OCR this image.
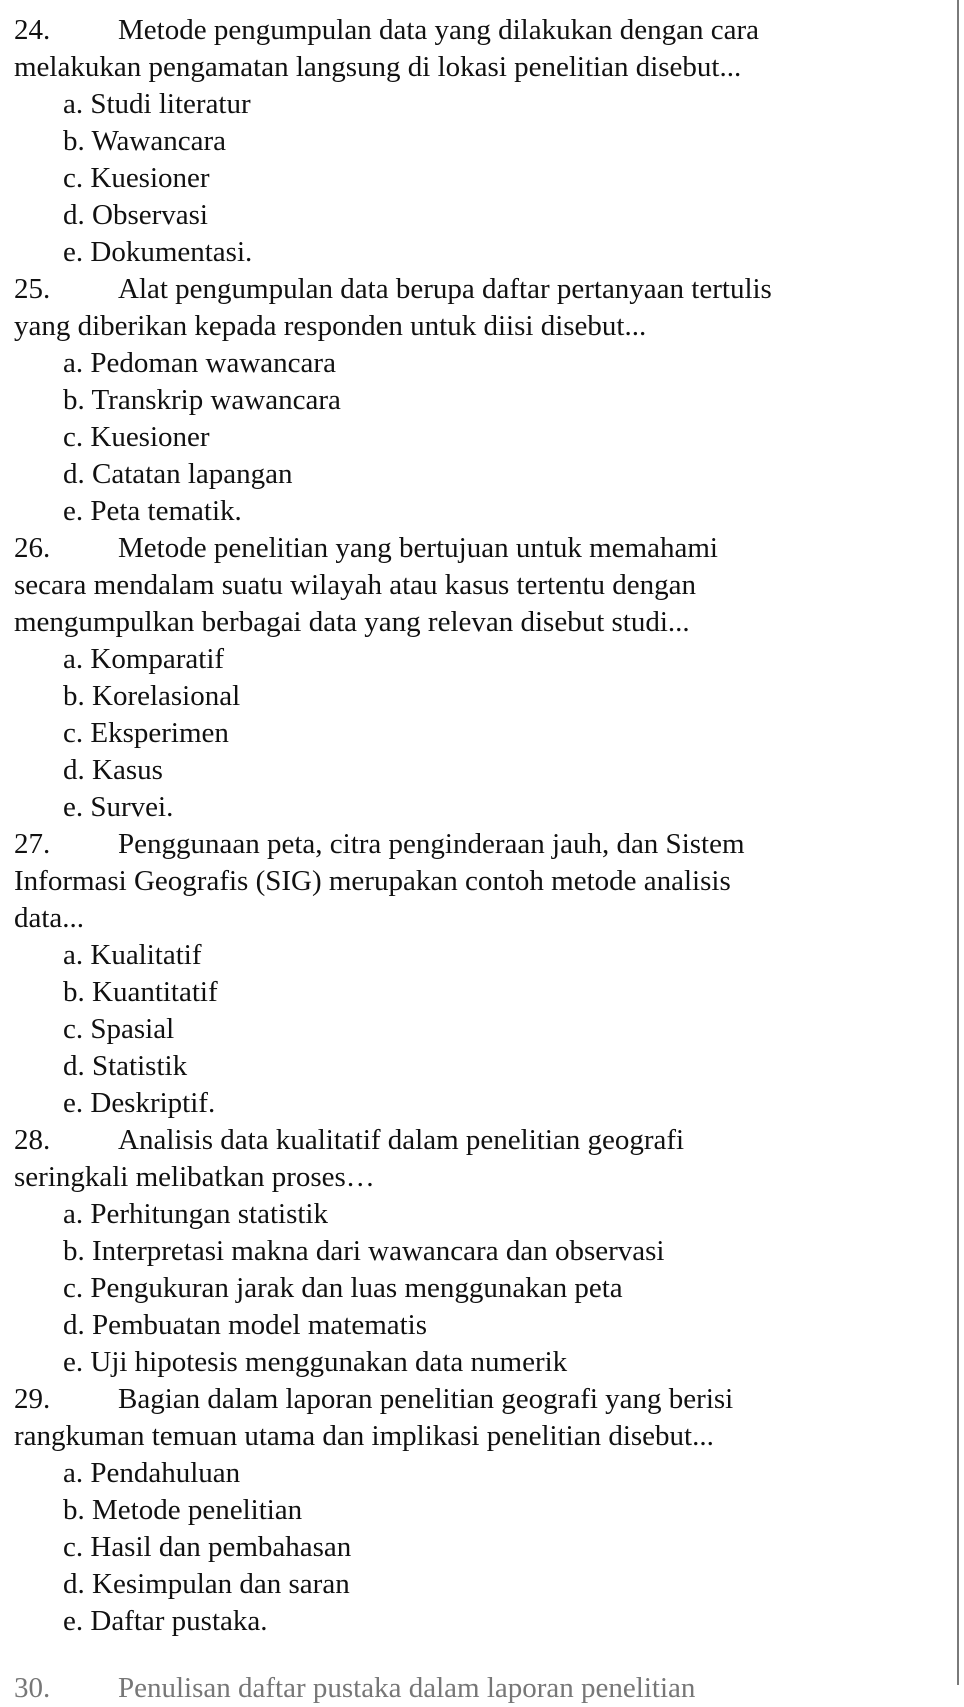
24. Metode pengumpulan data yang dilakukan dengan cara
melakukan pengamatan langsung di lokasi penelitian disebut...
a. Studi literatur
b. Wawancara
c. Kuesioner
d. Observasi
e. Dokumentasi.
25. Alat pengumpulan data berupa daftar pertanyaan tertulis
yang diberikan kepada responden untuk diisi disebut...
a. Pedoman wawancara
b. Transkrip wawancara
c. Kuesioner
d. Catatan lapangan
e. Peta tematik.
26. Metode penelitian yang bertujuan untuk memahami
secara mendalam suatu wilayah atau kasus tertentu dengan
mengumpulkan berbagai data yang relevan disebut studi...
a. Komparatif
b. Korelasional
c. Eksperimen
d. Kasus
e. Survei.
27. Penggunaan peta, citra penginderaan jauh, dan Sistem
Informasi Geografis (SIG) merupakan contoh metode analisis
data...
a. Kualitatif
b. Kuantitatif
c. Spasial
d. Statistik
e. Deskriptif.
28. Analisis data kualitatif dalam penelitian geografi
seringkali melibatkan proses…
a. Perhitungan statistik
b. Interpretasi makna dari wawancara dan observasi
c. Pengukuran jarak dan luas menggunakan peta
d. Pembuatan model matematis
e. Uji hipotesis menggunakan data numerik
29. Bagian dalam laporan penelitian geografi yang berisi
rangkuman temuan utama dan implikasi penelitian disebut...
a. Pendahuluan
b. Metode penelitian
c. Hasil dan pembahasan
d. Kesimpulan dan saran
e. Daftar pustaka.
30. Penulisan daftar pustaka dalam laporan penelitian
